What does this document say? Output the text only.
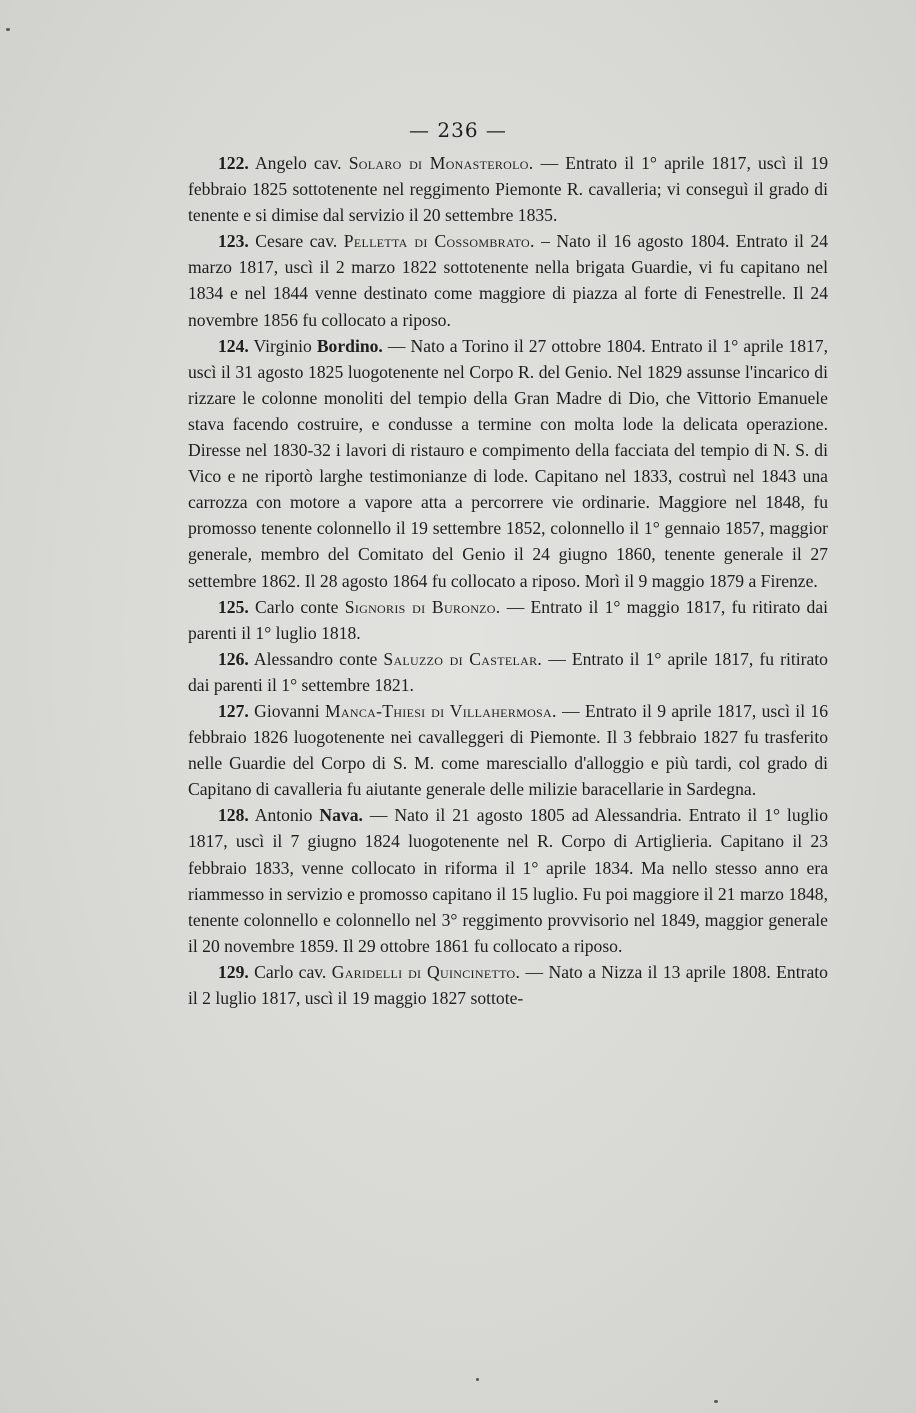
— 236 —

122. Angelo cav. Solaro di Monasterolo. — Entrato il 1° aprile 1817, uscì il 19 febbraio 1825 sottotenente nel reggimento Piemonte R. cavalleria; vi conseguì il grado di tenente e si dimise dal servizio il 20 settembre 1835.

123. Cesare cav. Pelletta di Cossombrato. – Nato il 16 agosto 1804. Entrato il 24 marzo 1817, uscì il 2 marzo 1822 sottotenente nella brigata Guardie, vi fu capitano nel 1834 e nel 1844 venne destinato come maggiore di piazza al forte di Fenestrelle. Il 24 novembre 1856 fu collocato a riposo.

124. Virginio Bordino. — Nato a Torino il 27 ottobre 1804. Entrato il 1° aprile 1817, uscì il 31 agosto 1825 luogotenente nel Corpo R. del Genio. Nel 1829 assunse l'incarico di rizzare le colonne monoliti del tempio della Gran Madre di Dio, che Vittorio Emanuele stava facendo costruire, e condusse a termine con molta lode la delicata operazione. Diresse nel 1830-32 i lavori di ristauro e compimento della facciata del tempio di N. S. di Vico e ne riportò larghe testimonianze di lode. Capitano nel 1833, costruì nel 1843 una carrozza con motore a vapore atta a percorrere vie ordinarie. Maggiore nel 1848, fu promosso tenente colonnello il 19 settembre 1852, colonnello il 1° gennaio 1857, maggior generale, membro del Comitato del Genio il 24 giugno 1860, tenente generale il 27 settembre 1862. Il 28 agosto 1864 fu collocato a riposo. Morì il 9 maggio 1879 a Firenze.

125. Carlo conte Signoris di Buronzo. — Entrato il 1° maggio 1817, fu ritirato dai parenti il 1° luglio 1818.

126. Alessandro conte Saluzzo di Castelar. — Entrato il 1° aprile 1817, fu ritirato dai parenti il 1° settembre 1821.

127. Giovanni Manca-Thiesi di Villahermosa. — Entrato il 9 aprile 1817, uscì il 16 febbraio 1826 luogotenente nei cavalleggeri di Piemonte. Il 3 febbraio 1827 fu trasferito nelle Guardie del Corpo di S. M. come maresciallo d'alloggio e più tardi, col grado di Capitano di cavalleria fu aiutante generale delle milizie baracellarie in Sardegna.

128. Antonio Nava. — Nato il 21 agosto 1805 ad Alessandria. Entrato il 1° luglio 1817, uscì il 7 giugno 1824 luogotenente nel R. Corpo di Artiglieria. Capitano il 23 febbraio 1833, venne collocato in riforma il 1° aprile 1834. Ma nello stesso anno era riammesso in servizio e promosso capitano il 15 luglio. Fu poi maggiore il 21 marzo 1848, tenente colonnello e colonnello nel 3° reggimento provvisorio nel 1849, maggior generale il 20 novembre 1859. Il 29 ottobre 1861 fu collocato a riposo.

129. Carlo cav. Garidelli di Quincinetto. — Nato a Nizza il 13 aprile 1808. Entrato il 2 luglio 1817, uscì il 19 maggio 1827 sottote-
